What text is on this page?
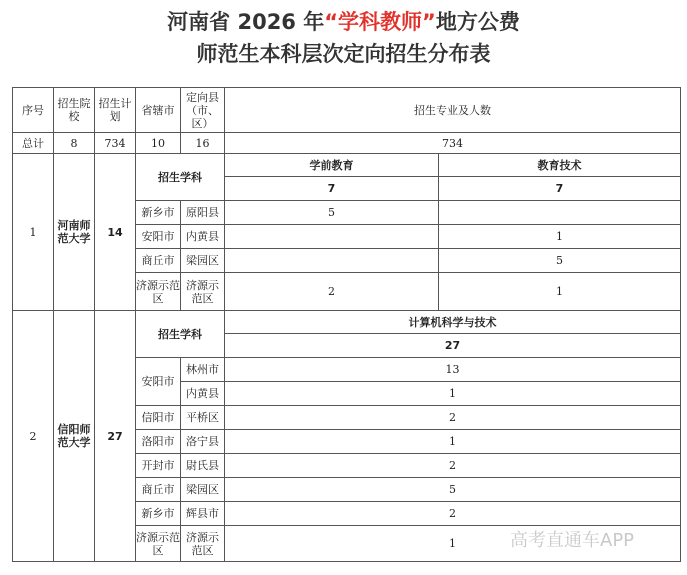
河南省 2026 年“学科教师”地方公费
师范生本科层次定向招生分布表
序号	招生院校	招生计划	省辖市	定向县（市、区）	招生专业及人数	
总计	8	734	10	16	734	
1	河南师范大学	14	招生学科		学前教育	教育技术
					7	7
			新乡市	原阳县	5	
			安阳市	内黄县		1
			商丘市	梁园区		5
			济源示范区	济源示范区	2	1

2	信阳师范大学	27	招生学科		计算机科学与技术	
					27	
			安阳市	林州市	13	
				内黄县	1	
			信阳市	平桥区	2	
			洛阳市	洛宁县	1	
			开封市	尉氏县	2	
			商丘市	梁园区	5	
			新乡市	辉县市	2	
			济源示范区	济源示范区	1		高考直通车APP
